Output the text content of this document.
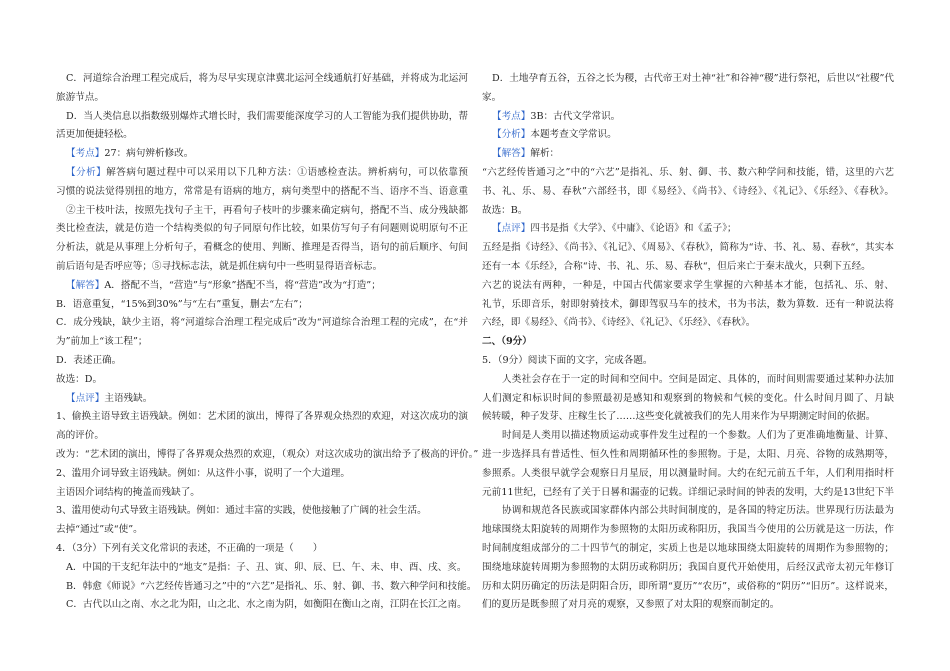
C．河道综合治理工程完成后，将为尽早实现京津冀北运河全线通航打好基础，并将成为北运河
旅游节点。
D．当人类信息以指数级别爆炸式增长时，我们需要能深度学习的人工智能为我们提供协助，帮
活更加便捷轻松。
【考点】27：病句辨析修改。
【分析】解答病句题过程中可以采用以下几种方法：①语感检查法。辨析病句，可以依靠预
习惯的说法觉得别扭的地方，常常是有语病的地方，病句类型中的搭配不当、语序不当、语意重
②主干枝叶法，按照先找句子主干，再看句子枝叶的步骤来确定病句，搭配不当、成分残缺都
类比检查法，就是仿造一个结构类似的句子同原句作比较，如果仿写句子有问题则说明原句不正
分析法，就是从事理上分析句子，看概念的使用、判断、推理是否得当，语句的前后顺序、句间
前后语句是否呼应等；⑤寻找标志法，就是抓住病句中一些明显得语音标志。
【解答】A．搭配不当，“营造”与“形象”搭配不当，将“营造”改为“打造”；
B．语意重复，“15%到30%”与“左右”重复，删去“左右”；
C．成分残缺，缺少主语，将“河道综合治理工程完成后”改为“河道综合治理工程的完成”，在“并
为”前加上“该工程”；
D．表述正确。
故选：D。
【点评】主语残缺。
1、偷换主语导致主语残缺。例如：艺术团的演出，博得了各界观众热烈的欢迎，对这次成功的演
高的评价。
改为：“艺术团的演出，博得了各界观众热烈的欢迎，（观众）对这次成功的演出给予了极高的评价。”
2、滥用介词导致主语残缺。例如：从这件小事，说明了一个大道理。
主语因介词结构的掩盖而残缺了。
3、滥用使动句式导致主语残缺。例如：通过丰富的实践，使他接触了广阔的社会生活。
去掉“通过”或“使”。
4．（3分）下列有关文化常识的表述，不正确的一项是（　　）
A．中国的干支纪年法中的“地支”是指：子、丑、寅、卯、辰、巳、午、未、申、酉、戌、亥。
B．韩愈《师说》“六艺经传皆通习之”中的“六艺”是指礼、乐、射、御、书、数六种学问和技能。
C．古代以山之南、水之北为阳，山之北、水之南为阴，如衡阳在衡山之南，江阴在长江之南。
D．土地孕育五谷，五谷之长为稷，古代帝王对土神“社”和谷神“稷”进行祭祀，后世以“社稷”代
家。
【考点】3B：古代文学常识。
【分析】本题考查文学常识。
【解答】解析：
“六艺经传皆通习之”中的“六艺”是指礼、乐、射、御、书、数六种学问和技能，错，这里的六艺
书、礼、乐、易、春秋”六部经书，即《易经》、《尚书》、《诗经》、《礼记》、《乐经》、《春秋》。
故选：B。
【点评】四书是指《大学》、《中庸》、《论语》和《孟子》；
五经是指《诗经》、《尚书》、《礼记》、《周易》、《春秋》，简称为“诗、书、礼、易、春秋“，其实本
还有一本《乐经》，合称“诗、书、礼、乐、易、春秋“，但后来亡于秦末战火，只剩下五经。
六艺的说法有两种，一种是，中国古代儒家要求学生掌握的六种基本才能，包括礼、乐、射、
礼节，乐即音乐，射即射骑技术，御即驾驭马车的技术，书为书法，数为算数．还有一种说法将
六经，即《易经》、《尚书》、《诗经》、《礼记》、《乐经》、《春秋》。
二、（9分）
5．（9分）阅读下面的文字，完成各题。
人类社会存在于一定的时间和空间中。空间是固定、具体的，而时间则需要通过某种办法加
人们测定和标识时间的参照最初是感知和观察到的物候和气候的变化。什么时间月圆了、月缺
候转暖，种子发芽、庄稼生长了……这些变化就被我们的先人用来作为早期测定时间的依据。
时间是人类用以描述物质运动或事件发生过程的一个参数。人们为了更准确地衡量、计算、
进一步选择具有普适性、恒久性和周期循环性的参照物。于是，太阳、月亮、谷物的成熟期等，
参照系。人类很早就学会观察日月星辰，用以测量时间。大约在纪元前五千年，人们利用指时杆
元前11世纪，已经有了关于日晷和漏壶的记载。详细记录时间的钟表的发明，大约是13世纪下半
协调和规范各民族或国家群体内部公共时间制度的，是各国的特定历法。世界现行历法最为
地球围绕太阳旋转的周期作为参照物的太阳历或称阳历，我国当今使用的公历就是这一历法，作
时间制度组成部分的二十四节气的制定，实质上也是以地球围绕太阳旋转的周期作为参照物的；
围绕地球旋转周期为参照物的太阴历或称阴历；我国自夏代开始使用，后经汉武帝太初元年修订
历和太阴历确定的历法是阴阳合历，即所谓“夏历”“农历”，或俗称的“阴历”“旧历”。这样说来，
们的夏历是既参照了对月亮的观察，又参照了对太阳的观察而制定的。
